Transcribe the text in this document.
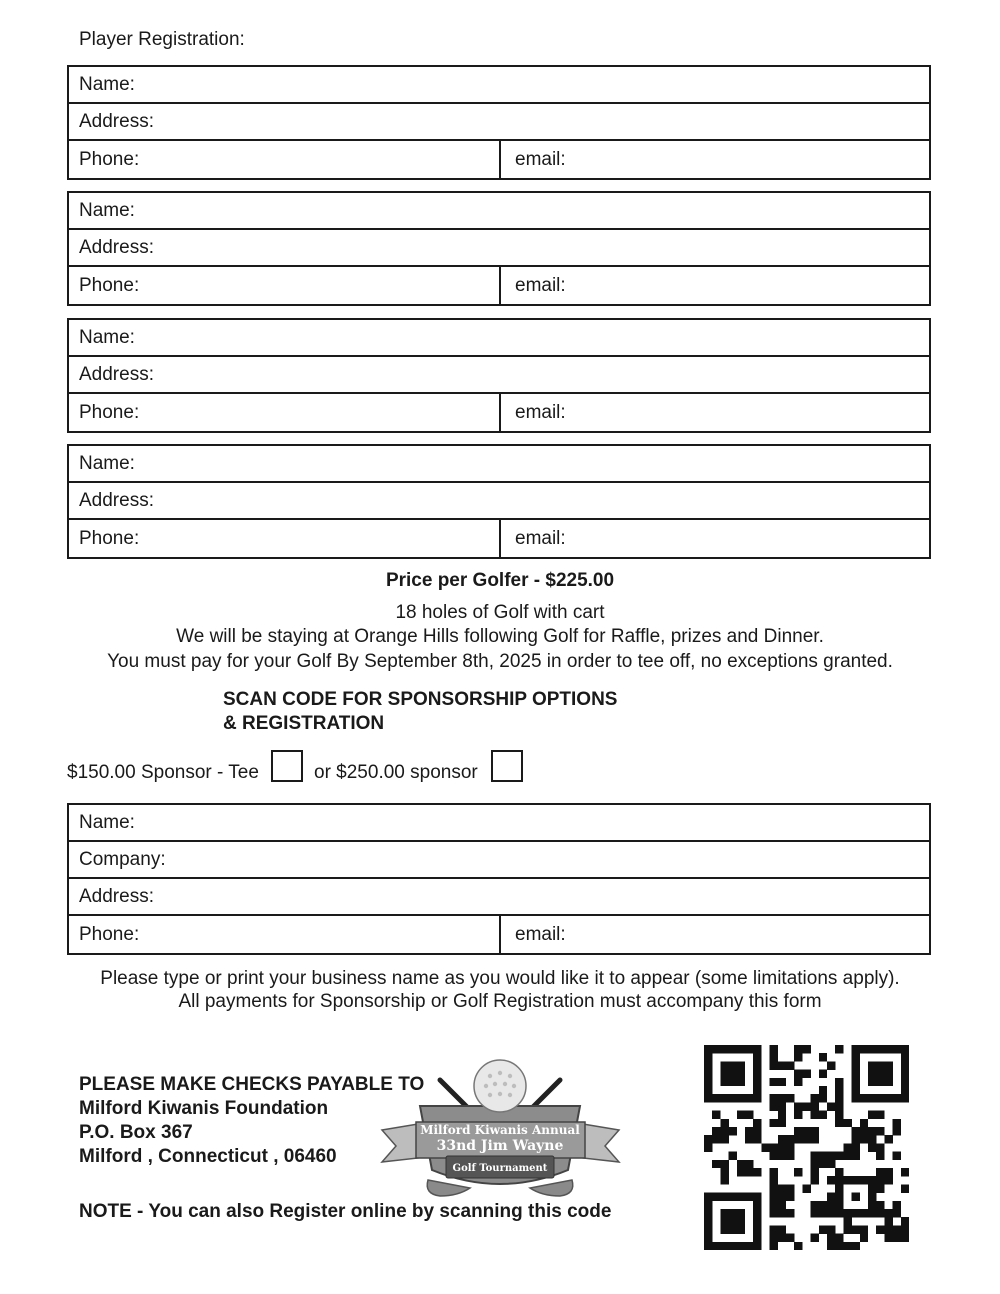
Player Registration:
Name:
Address:
Phone:	email:
Name:
Address:
Phone:	email:
Name:
Address:
Phone:	email:
Name:
Address:
Phone:	email:
Price per Golfer - $225.00
18 holes of Golf with cart
We will be staying at Orange Hills following Golf for Raffle, prizes and Dinner.
You must pay for your Golf By September 8th, 2025 in order to tee off, no exceptions granted.
SCAN CODE FOR SPONSORSHIP OPTIONS
& REGISTRATION
$150.00 Sponsor - Tee	or $250.00 sponsor
Name:
Company:
Address:
Phone:	email:
Please type or print your business name as you would like it to appear (some limitations apply).
All payments for Sponsorship or Golf Registration must accompany this form
PLEASE MAKE CHECKS PAYABLE TO
Milford Kiwanis Foundation
P.O. Box 367
Milford , Connecticut , 06460
Milford Kiwanis Annual
33nd Jim Wayne
Golf Tournament
NOTE - You can also Register online by scanning this code
